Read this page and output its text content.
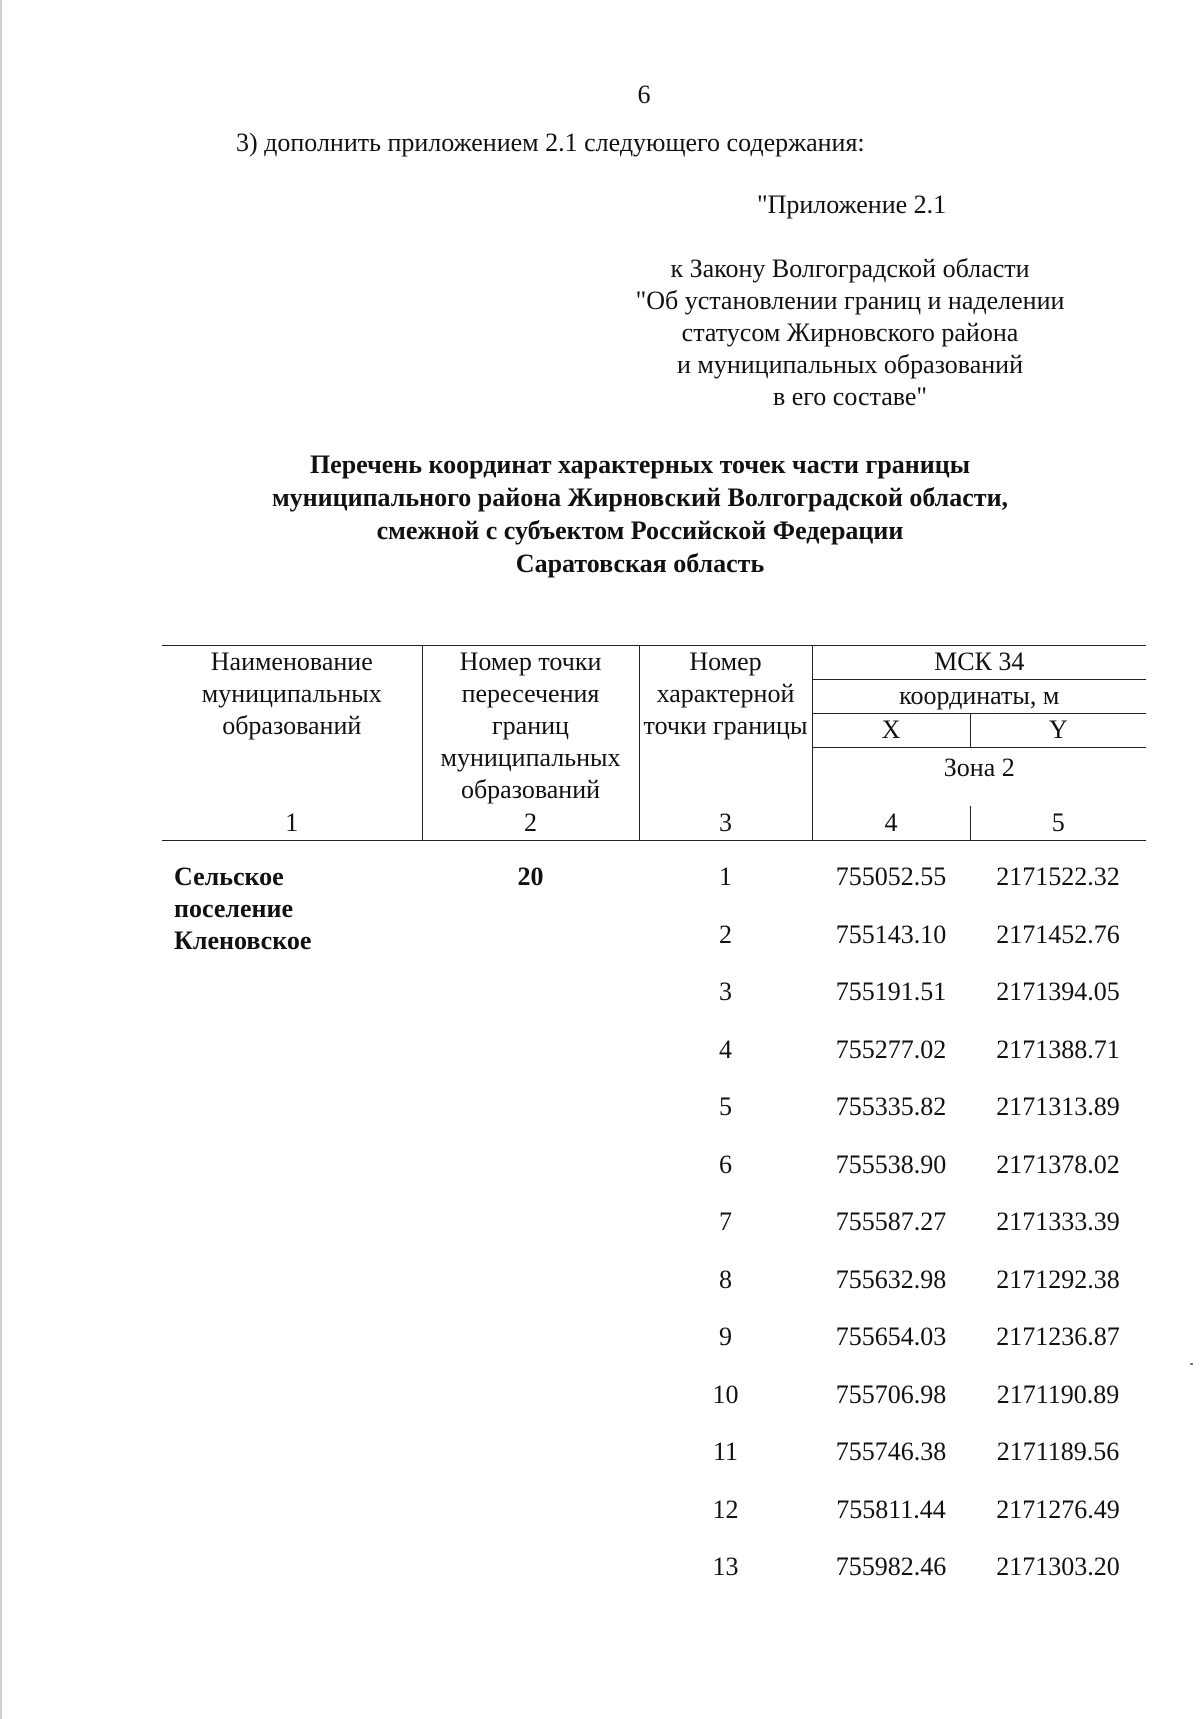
6
3) дополнить приложением 2.1 следующего содержания:
"Приложение 2.1
к Закону Волгоградской области
"Об установлении границ и наделении
статусом Жирновского района
и муниципальных образований
в его составе"
Перечень координат характерных точек части границы
муниципального района Жирновский Волгоградской области,
смежной с субъектом Российской Федерации
Саратовская область
Наименование муниципальных образований	Номер точки пересечения границ муниципальных образований	Номер характерной точки границы	МСК 34	
			координаты, м	
			X	Y
			Зона 2	
1	2	3	4	5

Сельское
поселение
Кленовское	20	1	755052.55	2171522.32
		2	755143.10	2171452.76
		3	755191.51	2171394.05
		4	755277.02	2171388.71
		5	755335.82	2171313.89
		6	755538.90	2171378.02
		7	755587.27	2171333.39
		8	755632.98	2171292.38
		9	755654.03	2171236.87
		10	755706.98	2171190.89
		11	755746.38	2171189.56
		12	755811.44	2171276.49
		13	755982.46	2171303.20
